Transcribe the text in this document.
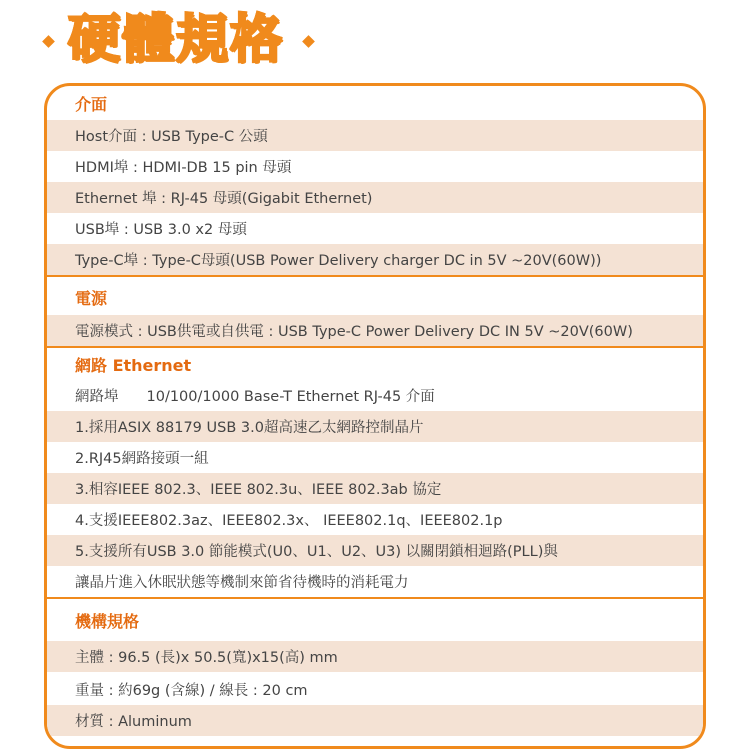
硬體規格
介面
Host介面 : USB Type-C 公頭
HDMI埠 : HDMI-DB 15 pin 母頭
Ethernet 埠 : RJ-45 母頭(Gigabit Ethernet)
USB埠 : USB 3.0 x2 母頭
Type-C埠 : Type-C母頭(USB Power Delivery charger DC in 5V ~20V(60W))
電源
電源模式 : USB供電或自供電 : USB Type-C Power Delivery DC IN 5V ~20V(60W)
網路 Ethernet
網路埠 10/100/1000 Base-T Ethernet RJ-45 介面
1.採用ASIX 88179 USB 3.0超高速乙太網路控制晶片
2.RJ45網路接頭一組
3.相容IEEE 802.3、IEEE 802.3u、IEEE 802.3ab 協定
4.支援IEEE802.3az、IEEE802.3x、 IEEE802.1q、IEEE802.1p
5.支援所有USB 3.0 節能模式(U0、U1、U2、U3) 以關閉鎖相迴路(PLL)與
讓晶片進入休眠狀態等機制來節省待機時的消耗電力
機構規格
主體 : 96.5 (長)x 50.5(寬)x15(高) mm
重量 : 約69g (含線) / 線長 : 20 cm
材質 : Aluminum
